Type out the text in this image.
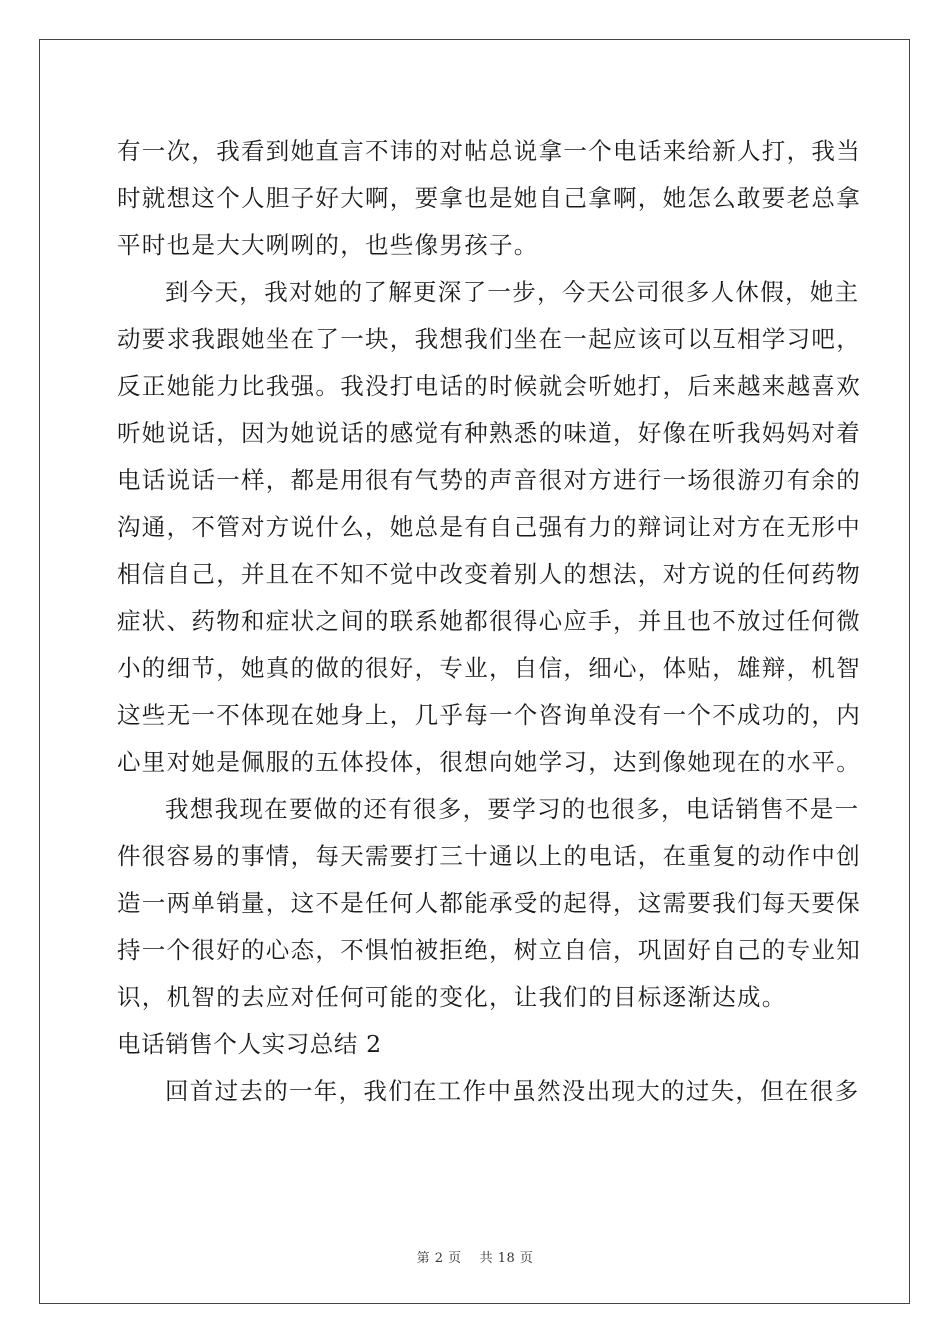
有一次，我看到她直言不讳的对帖总说拿一个电话来给新人打，我当
时就想这个人胆子好大啊，要拿也是她自己拿啊，她怎么敢要老总拿
平时也是大大咧咧的，也些像男孩子。
到今天，我对她的了解更深了一步，今天公司很多人休假，她主
动要求我跟她坐在了一块，我想我们坐在一起应该可以互相学习吧，
反正她能力比我强。我没打电话的时候就会听她打，后来越来越喜欢
听她说话，因为她说话的感觉有种熟悉的味道，好像在听我妈妈对着
电话说话一样，都是用很有气势的声音很对方进行一场很游刃有余的
沟通，不管对方说什么，她总是有自己强有力的辩词让对方在无形中
相信自己，并且在不知不觉中改变着别人的想法，对方说的任何药物
症状、药物和症状之间的联系她都很得心应手，并且也不放过任何微
小的细节，她真的做的很好，专业，自信，细心，体贴，雄辩，机智
这些无一不体现在她身上，几乎每一个咨询单没有一个不成功的，内
心里对她是佩服的五体投体，很想向她学习，达到像她现在的水平。
我想我现在要做的还有很多，要学习的也很多，电话销售不是一
件很容易的事情，每天需要打三十通以上的电话，在重复的动作中创
造一两单销量，这不是任何人都能承受的起得，这需要我们每天要保
持一个很好的心态，不惧怕被拒绝，树立自信，巩固好自己的专业知
识，机智的去应对任何可能的变化，让我们的目标逐渐达成。
电话销售个人实习总结 2
回首过去的一年，我们在工作中虽然没出现大的过失，但在很多
第 2 页 共 18 页
